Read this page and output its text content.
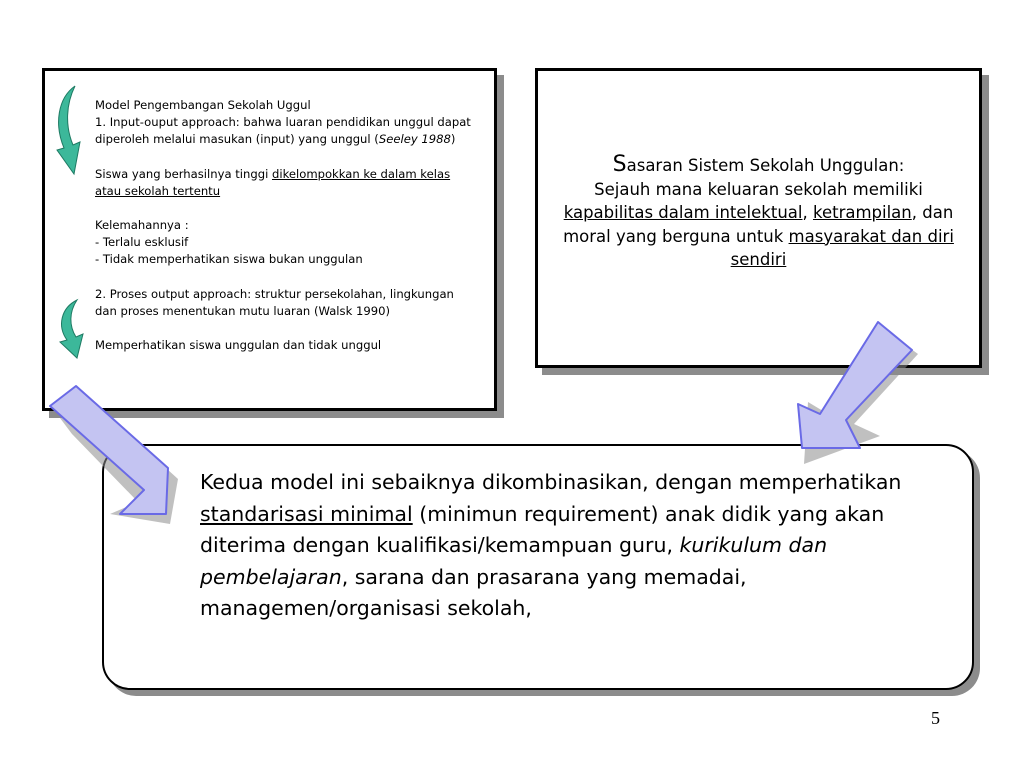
Model Pengembangan Sekolah Uggul
1. Input-ouput approach: bahwa luaran pendidikan unggul dapat diperoleh melalui masukan (input) yang unggul (Seeley 1988)

Siswa yang berhasilnya tinggi dikelompokkan ke dalam kelas atau sekolah tertentu

Kelemahannya :
- Terlalu esklusif
- Tidak memperhatikan siswa bukan unggulan

2. Proses output approach: struktur persekolahan, lingkungan dan proses menentukan mutu luaran (Walsk 1990)

Memperhatikan siswa unggulan dan tidak unggul

Sasaran Sistem Sekolah Unggulan:
Sejauh mana keluaran sekolah memiliki kapabilitas dalam intelektual, ketrampilan, dan moral yang berguna untuk masyarakat dan diri sendiri
Kedua model ini sebaiknya dikombinasikan, dengan memperhatikan standarisasi minimal (minimun requirement) anak didik yang akan diterima dengan kualifikasi/kemampuan guru, kurikulum dan pembelajaran, sarana dan prasarana yang memadai, managemen/organisasi sekolah,
5
